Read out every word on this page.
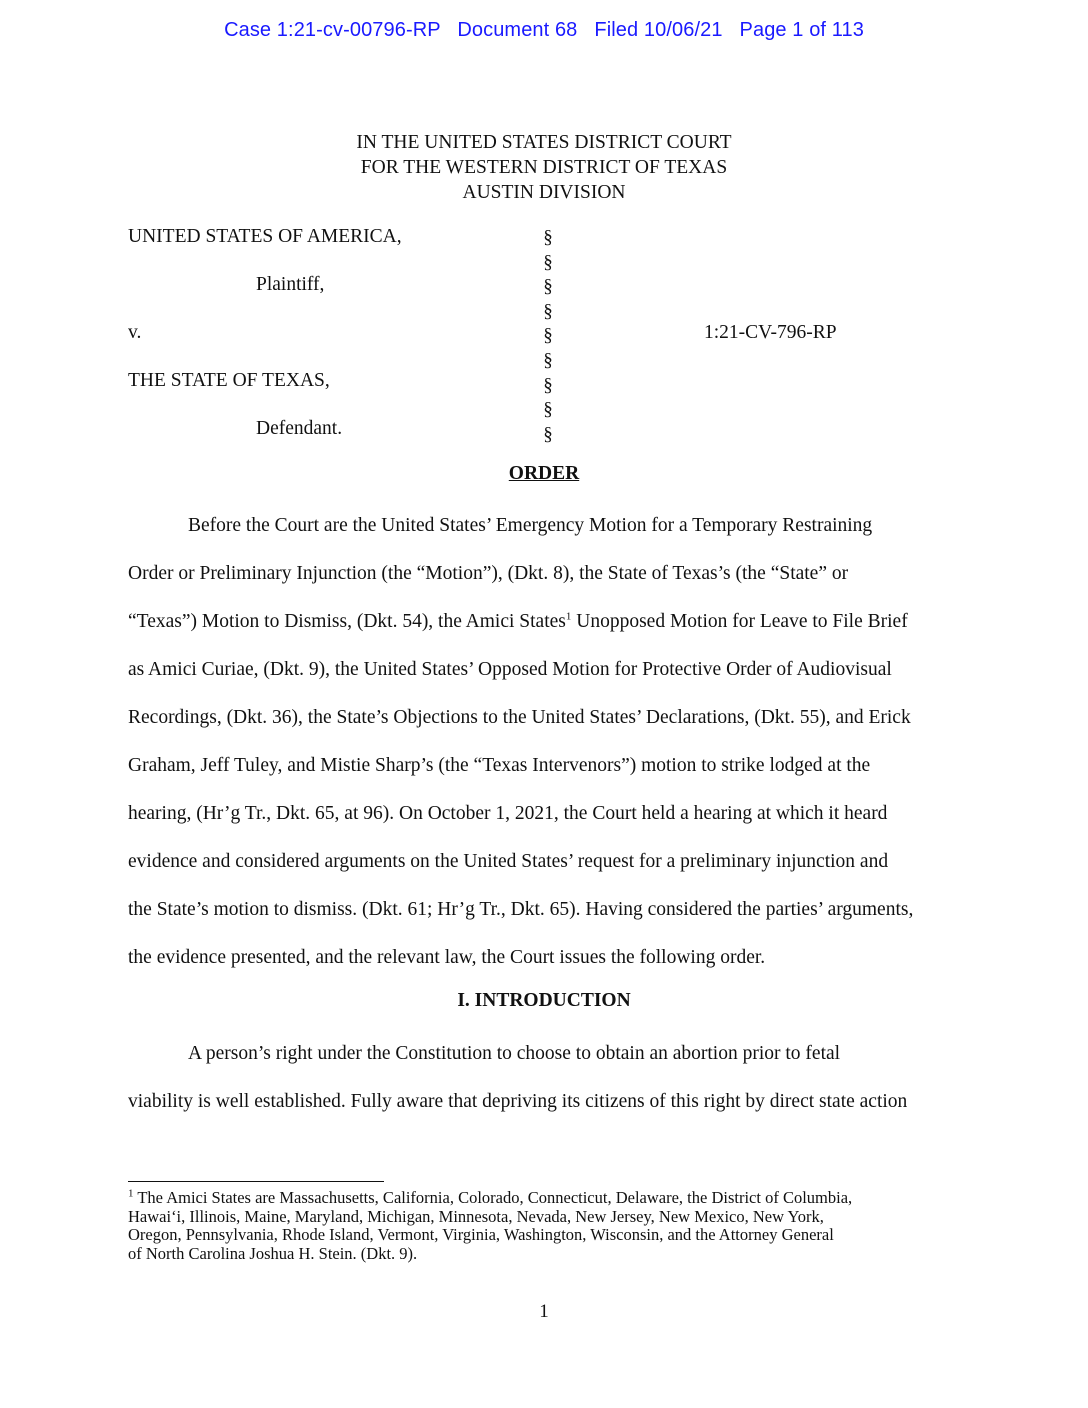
Case 1:21-cv-00796-RP Document 68 Filed 10/06/21 Page 1 of 113
IN THE UNITED STATES DISTRICT COURT
FOR THE WESTERN DISTRICT OF TEXAS
AUSTIN DIVISION
UNITED STATES OF AMERICA,
Plaintiff,
v.	1:21-CV-796-RP
THE STATE OF TEXAS,
Defendant.
§
§
§
§
§
§
§
§
§
ORDER
Before the Court are the United States’ Emergency Motion for a Temporary Restraining
Order or Preliminary Injunction (the “Motion”), (Dkt. 8), the State of Texas’s (the “State” or
“Texas”) Motion to Dismiss, (Dkt. 54), the Amici States$^1$ Unopposed Motion for Leave to File Brief
as Amici Curiae, (Dkt. 9), the United States’ Opposed Motion for Protective Order of Audiovisual
Recordings, (Dkt. 36), the State’s Objections to the United States’ Declarations, (Dkt. 55), and Erick
Graham, Jeff Tuley, and Mistie Sharp’s (the “Texas Intervenors”) motion to strike lodged at the
hearing, (Hr’g Tr., Dkt. 65, at 96). On October 1, 2021, the Court held a hearing at which it heard
evidence and considered arguments on the United States’ request for a preliminary injunction and
the State’s motion to dismiss. (Dkt. 61; Hr’g Tr., Dkt. 65). Having considered the parties’ arguments,
the evidence presented, and the relevant law, the Court issues the following order.
I. INTRODUCTION
A person’s right under the Constitution to choose to obtain an abortion prior to fetal
viability is well established. Fully aware that depriving its citizens of this right by direct state action
$^1$ The Amici States are Massachusetts, California, Colorado, Connecticut, Delaware, the District of Columbia,
Hawai‘i, Illinois, Maine, Maryland, Michigan, Minnesota, Nevada, New Jersey, New Mexico, New York,
Oregon, Pennsylvania, Rhode Island, Vermont, Virginia, Washington, Wisconsin, and the Attorney General
of North Carolina Joshua H. Stein. (Dkt. 9).
1
